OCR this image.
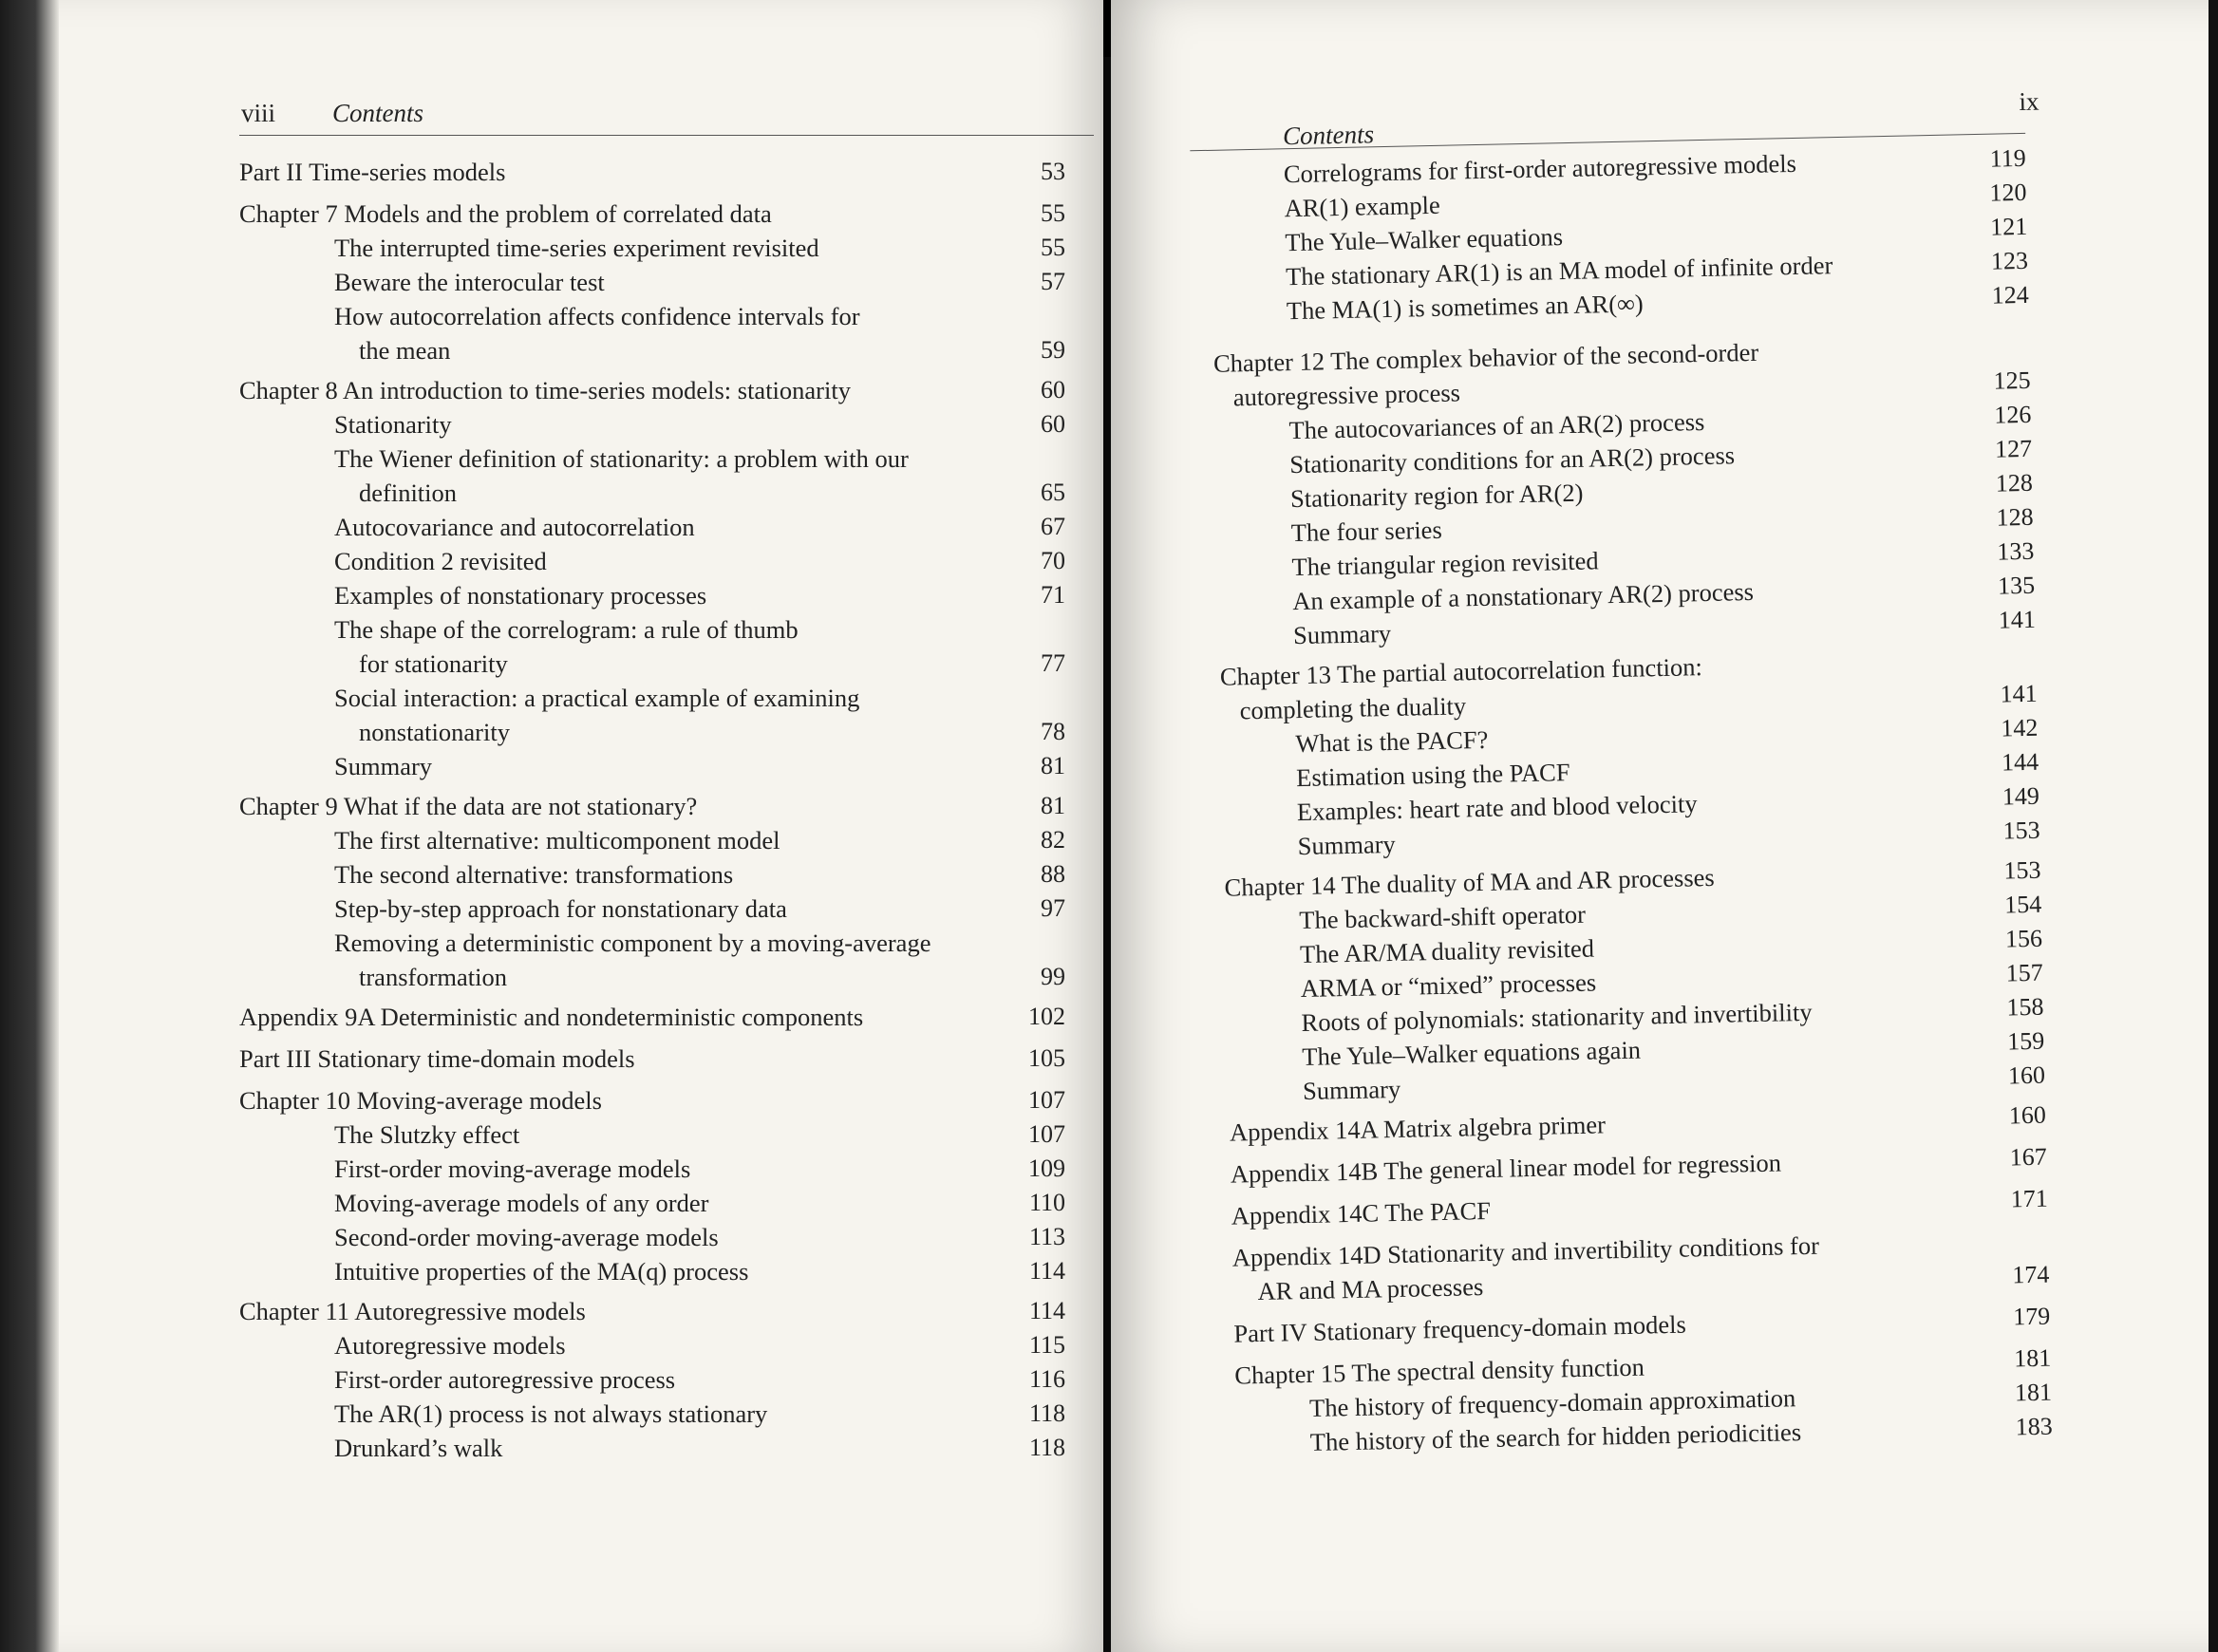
viii Contents
Part II Time-series models	53
Chapter 7 Models and the problem of correlated data	55
The interrupted time-series experiment revisited	55
Beware the interocular test	57
How autocorrelation affects confidence intervals for
the mean	59
Chapter 8 An introduction to time-series models: stationarity	60
Stationarity	60
The Wiener definition of stationarity: a problem with our
definition	65
Autocovariance and autocorrelation	67
Condition 2 revisited	70
Examples of nonstationary processes	71
The shape of the correlogram: a rule of thumb
for stationarity	77
Social interaction: a practical example of examining
nonstationarity	78
Summary	81
Chapter 9 What if the data are not stationary?	81
The first alternative: multicomponent model	82
The second alternative: transformations	88
Step-by-step approach for nonstationary data	97
Removing a deterministic component by a moving-average
transformation	99
Appendix 9A Deterministic and nondeterministic components	102
Part III Stationary time-domain models	105
Chapter 10 Moving-average models	107
The Slutzky effect	107
First-order moving-average models	109
Moving-average models of any order	110
Second-order moving-average models	113
Intuitive properties of the MA(q) process	114
Chapter 11 Autoregressive models	114
Autoregressive models	115
First-order autoregressive process	116
The AR(1) process is not always stationary	118
Drunkard’s walk	118
ix
Contents
Correlograms for first-order autoregressive models	119
AR(1) example	120
The Yule–Walker equations	121
The stationary AR(1) is an MA model of infinite order	123
The MA(1) is sometimes an AR(∞)	124
Chapter 12 The complex behavior of the second-order
autoregressive process	125
The autocovariances of an AR(2) process	126
Stationarity conditions for an AR(2) process	127
Stationarity region for AR(2)	128
The four series	128
The triangular region revisited	133
An example of a nonstationary AR(2) process	135
Summary	141
Chapter 13 The partial autocorrelation function:
completing the duality	141
What is the PACF?	142
Estimation using the PACF	144
Examples: heart rate and blood velocity	149
Summary	153
Chapter 14 The duality of MA and AR processes	153
The backward-shift operator	154
The AR/MA duality revisited	156
ARMA or “mixed” processes	157
Roots of polynomials: stationarity and invertibility	158
The Yule–Walker equations again	159
Summary	160
Appendix 14A Matrix algebra primer	160
Appendix 14B The general linear model for regression	167
Appendix 14C The PACF	171
Appendix 14D Stationarity and invertibility conditions for
AR and MA processes	174
Part IV Stationary frequency-domain models	179
Chapter 15 The spectral density function	181
The history of frequency-domain approximation	181
The history of the search for hidden periodicities	183
